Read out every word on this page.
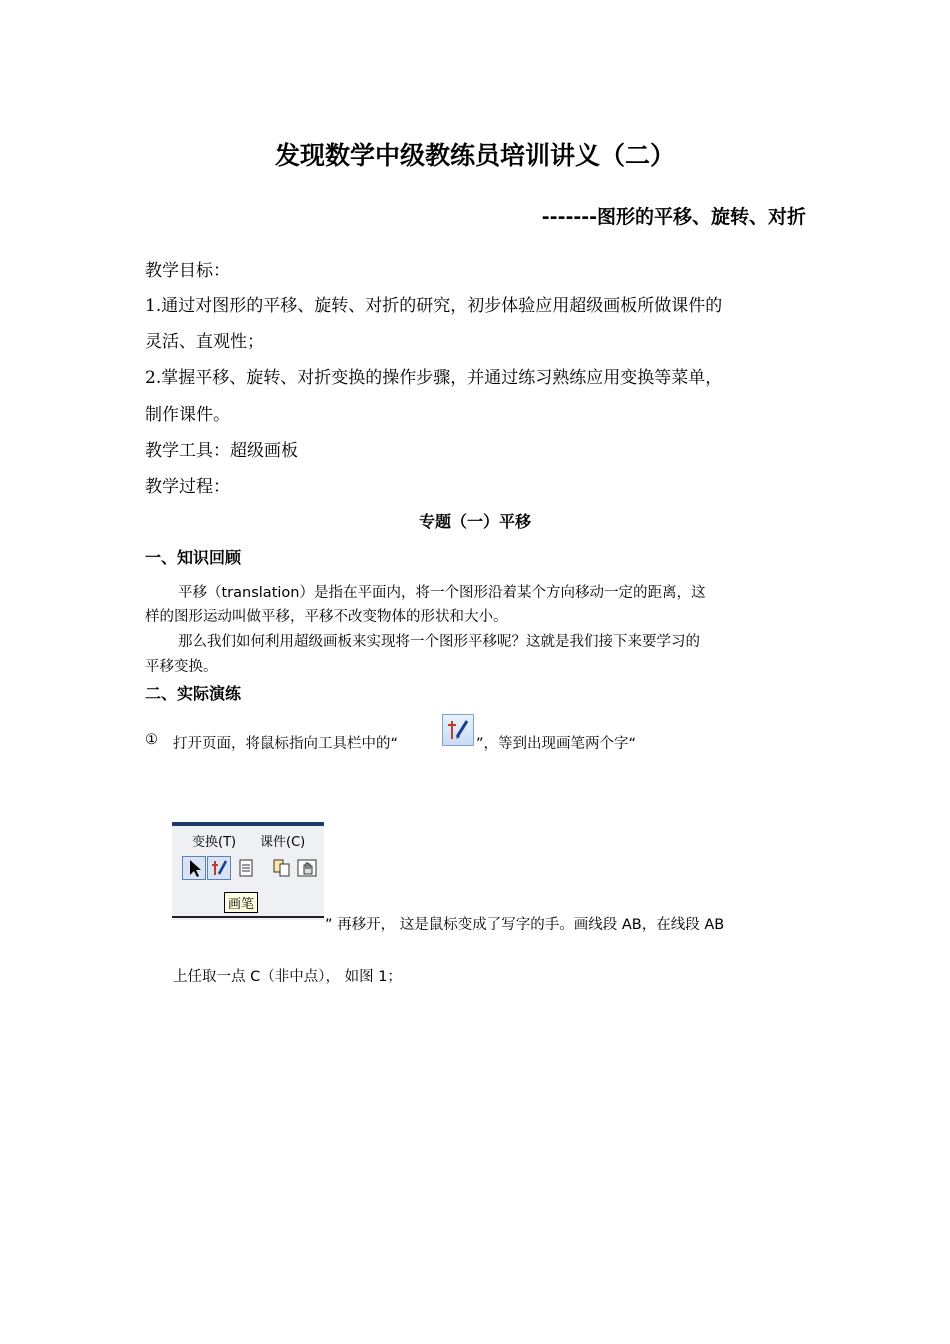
发现数学中级教练员培训讲义（二）
-------图形的平移、旋转、对折
教学目标：
1.通过对图形的平移、旋转、对折的研究，初步体验应用超级画板所做课件的
灵活、直观性；
2.掌握平移、旋转、对折变换的操作步骤，并通过练习熟练应用变换等菜单，
制作课件。
教学工具：超级画板
教学过程：
专题（一）平移
一、知识回顾
平移（translation）是指在平面内，将一个图形沿着某个方向移动一定的距离，这
样的图形运动叫做平移，平移不改变物体的形状和大小。
那么我们如何利用超级画板来实现将一个图形平移呢？这就是我们接下来要学习的
平移变换。
二、实际演练
① 打开页面，将鼠标指向工具栏中的“	”，等到出现画笔两个字“
变换(T) 课件(C)
画笔
” 再移开， 这是鼠标变成了写字的手。画线段 AB，在线段 AB
上任取一点 C（非中点）， 如图 1；
